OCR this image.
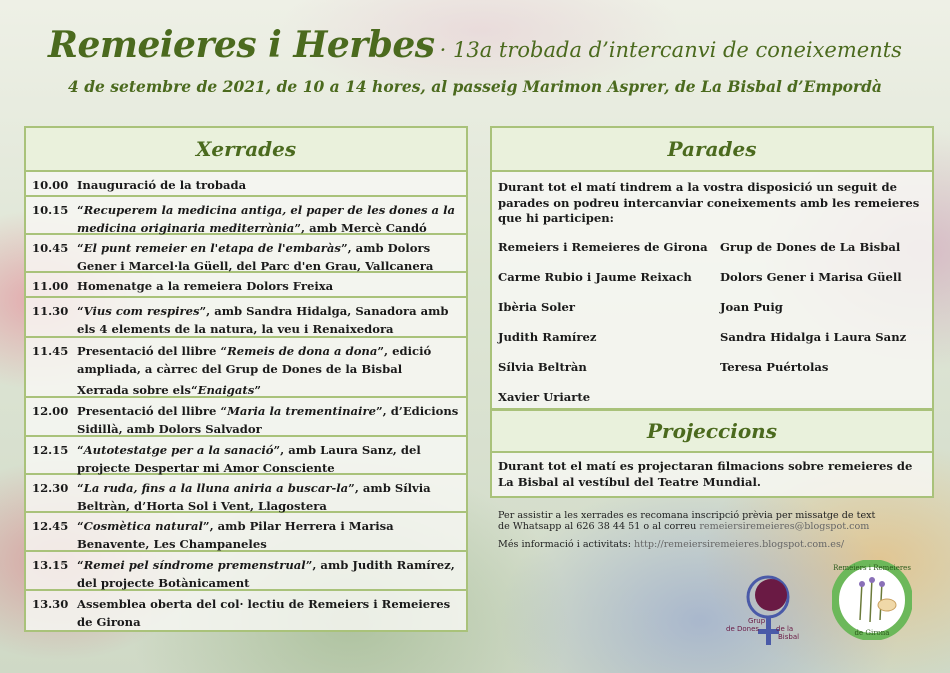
Remeieres i Herbes · 13a trobada d’intercanvi de coneixements
4 de setembre de 2021, de 10 a 14 hores, al passeig Marimon Asprer, de La Bisbal d’Empordà
Xerrades
10.00 Inauguració de la trobada
10.15 “Recuperem la medicina antiga, el paper de les dones a la medicina originaria mediterrània”, amb Mercè Candó
10.45 “El punt remeier en l'etapa de l'embaràs”, amb Dolors Gener i Marcel·la Güell, del Parc d'en Grau, Vallcanera
11.00 Homenatge a la remeiera Dolors Freixa
11.30 “Vius com respires”, amb Sandra Hidalga, Sanadora amb els 4 elements de la natura, la veu i Renaixedora
11.45 Presentació del llibre “Remeis de dona a dona”, edició ampliada, a càrrec del Grup de Dones de la Bisbal
Xerrada sobre els“Enaigats”
12.00 Presentació del llibre “Maria la trementinaire”, d’Edicions Sidillà, amb Dolors Salvador
12.15 “Autotestatge per a la sanació”, amb Laura Sanz, del projecte Despertar mi Amor Consciente
12.30 “La ruda, fins a la lluna aniria a buscar-la”, amb Sílvia Beltràn, d’Horta Sol i Vent, Llagostera
12.45 “Cosmètica natural”, amb Pilar Herrera i Marisa Benavente, Les Champaneles
13.15 “Remei pel síndrome premenstrual”, amb Judith Ramírez, del projecte Botànicament
13.30 Assemblea oberta del col· lectiu de Remeiers i Remeieres de Girona
Parades
Durant tot el matí tindrem a la vostra disposició un seguit de parades on podreu intercanviar coneixements amb les remeieres que hi participen:
Remeiers i Remeieres de Girona	Grup de Dones de La Bisbal
Carme Rubio i Jaume Reixach	Dolors Gener i Marisa Güell
Ibèria Soler	Joan Puig
Judith Ramírez	Sandra Hidalga i Laura Sanz
Sílvia Beltràn	Teresa Puértolas
Xavier Uriarte
Projeccions
Durant tot el matí es projectaran filmacions sobre remeieres de La Bisbal al vestíbul del Teatre Mundial.
Per assistir a les xerrades es recomana inscripció prèvia per missatge de text
de Whatsapp al 626 38 44 51 o al correu remeiersiremeieres@blogspot.com
Més informació i activitats: http://remeiersiremeieres.blogspot.com.es/
Grup
de Dones de la
Bisbal
Remeiers i Remeieres
de Girona
